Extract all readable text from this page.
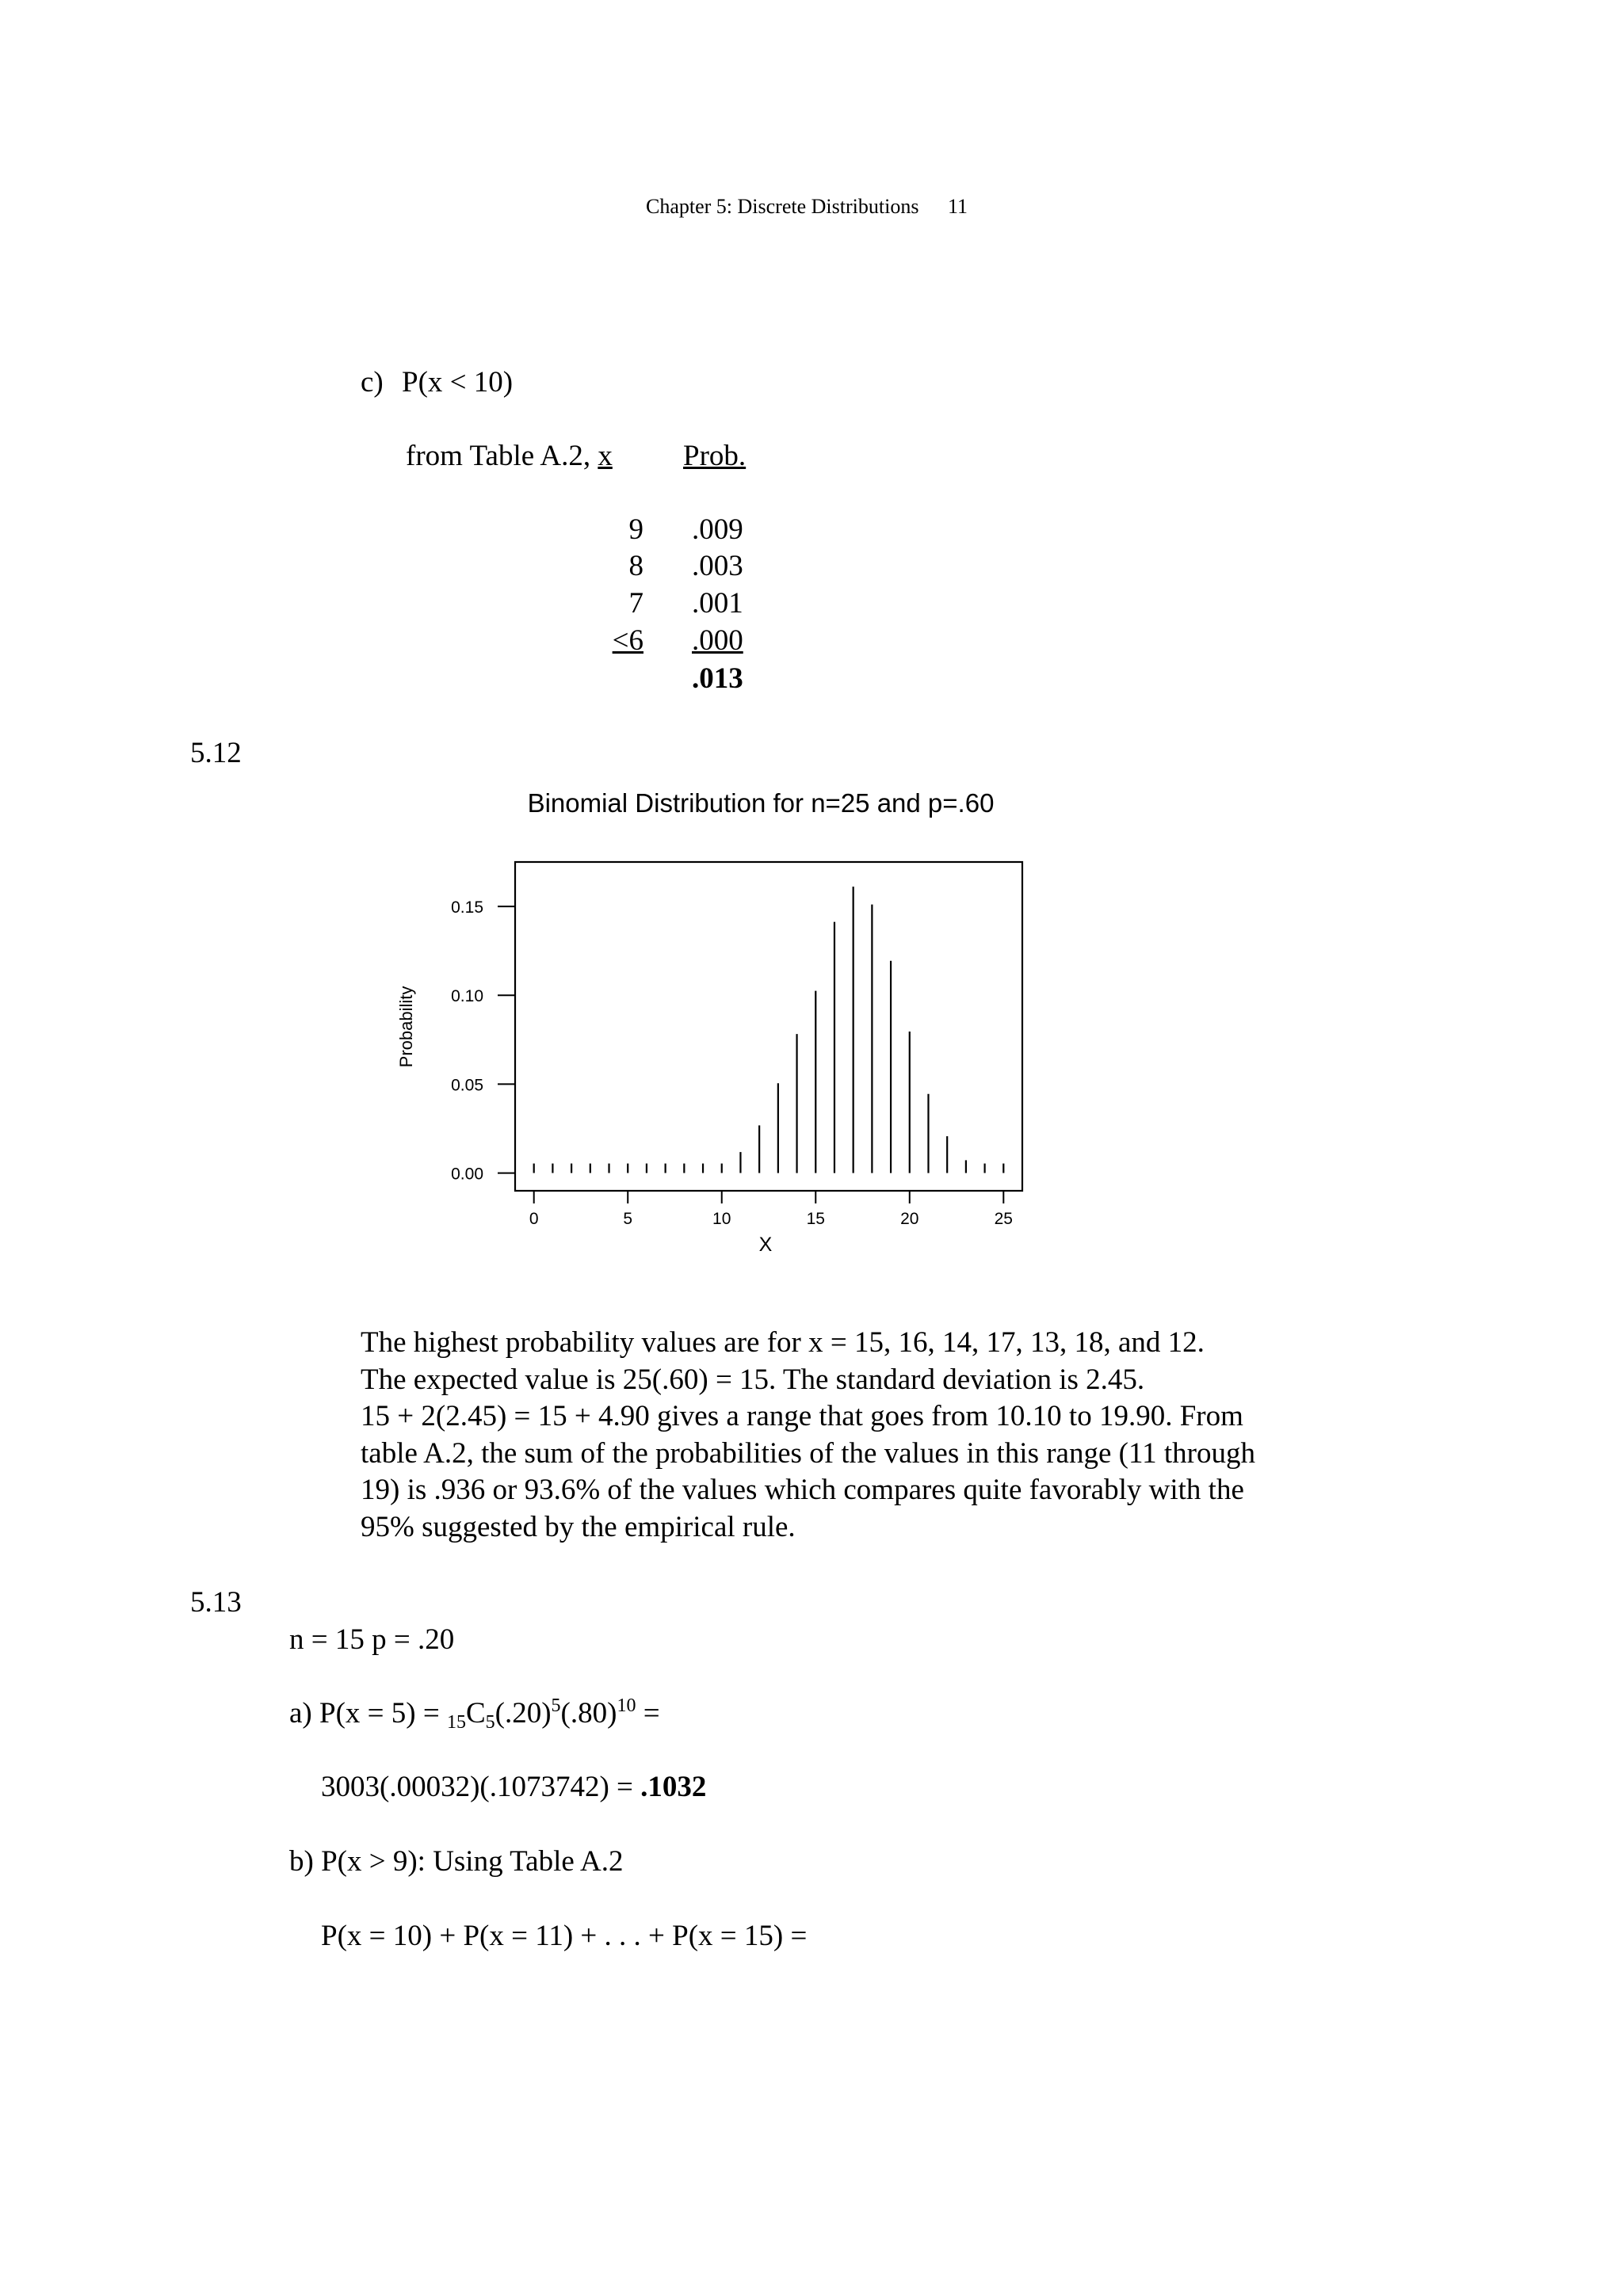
Chapter 5: Discrete Distributions 11
c) P(x < 10)
from Table A.2, x Prob.
9 .009
8 .003
7 .001
<6 .000
.013
5.12
Binomial Distribution for n=25 and p=.60
0.00
0.05
0.10
0.15
0	5	10	15	20	25
Probability
X
The highest probability values are for x = 15, 16, 14, 17, 13, 18, and 12.
The expected value is 25(.60) = 15. The standard deviation is 2.45.
15 + 2(2.45) = 15 + 4.90 gives a range that goes from 10.10 to 19.90. From
table A.2, the sum of the probabilities of the values in this range (11 through
19) is .936 or 93.6% of the values which compares quite favorably with the
95% suggested by the empirical rule.
5.13
n = 15 p = .20
a) $P(x = 5) = 15C5(.20)^5(.80)^{10}$ =
3003(.00032)(.1073742) = .1032
b) P(x > 9): Using Table A.2
P(x = 10) + P(x = 11) + . . . + P(x = 15) =
